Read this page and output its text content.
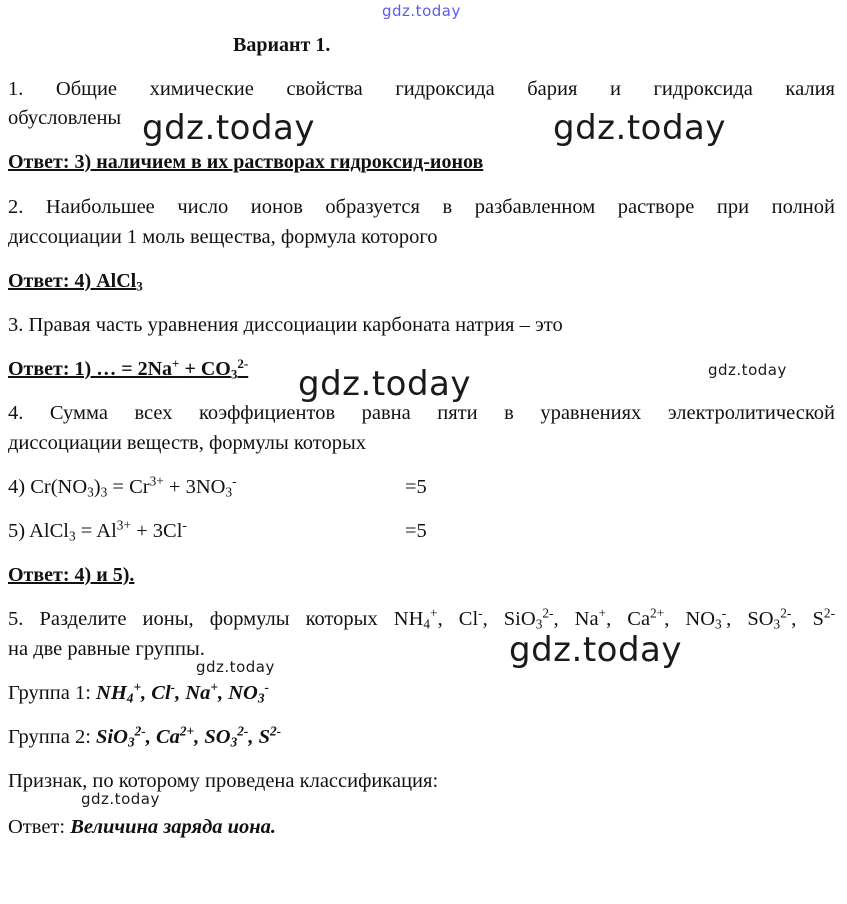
gdz.today
gdz.today	gdz.today
gdz.today	gdz.today
gdz.today
gdz.today
gdz.today
Вариант 1.
1. Общие химические свойства гидроксида бария и гидроксида калия
обусловлены
Ответ: 3) наличием в их растворах гидроксид-ионов
2. Наибольшее число ионов образуется в разбавленном растворе при полной
диссоциации 1 моль вещества, формула которого
Ответ: 4) AlCl$_3$
3. Правая часть уравнения диссоциации карбоната натрия – это
Ответ: 1) … = $2Na^+ + CO_3^{2-}$
4. Сумма всех коэффициентов равна пяти в уравнениях электролитической
диссоциации веществ, формулы которых
4) $Cr(NO_3)_3 = Cr^{3+} + 3NO_3^-$	=5
5) AlCl$_3$ = $Al^{3+} + 3Cl^-$	=5
Ответ: 4) и 5).
5. Разделите ионы, формулы которых $NH_4^+$, Cl-, SiO$_3^{2-}$, Na+, $Ca^{2+}$, $NO_3^-$, $SO_3^{2-}$, $S^{2-}$
на две равные группы.
Группа 1: $NH_4^+$, Cl-, Na+, $NO_3^-$
Группа 2: SiO$_3^{2-}$, $Ca^{2+}$, $SO_3^{2-}$, $S^{2-}$
Признак, по которому проведена классификация:
Ответ: Величина заряда иона.
